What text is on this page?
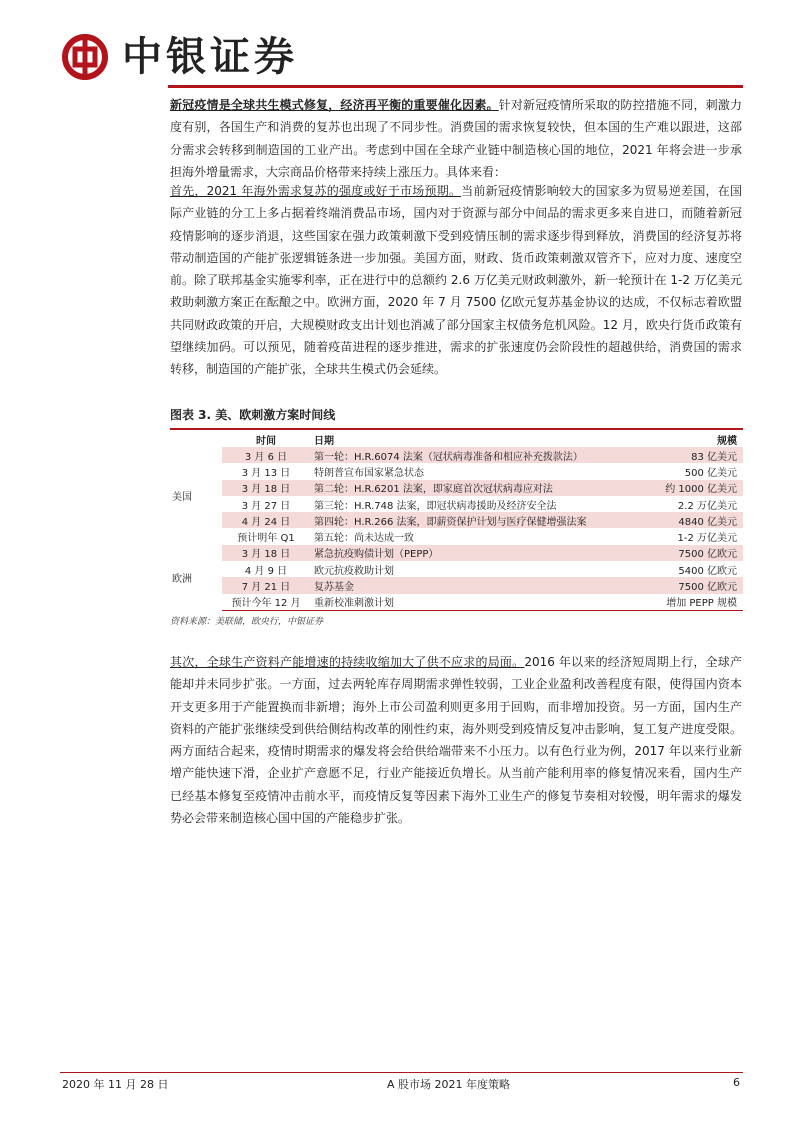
中银证券

新冠疫情是全球共生模式修复，经济再平衡的重要催化因素。针对新冠疫情所采取的防控措施不同，刺激力度有别，各国生产和消费的复苏也出现了不同步性。消费国的需求恢复较快，但本国的生产难以跟进，这部分需求会转移到制造国的工业产出。考虑到中国在全球产业链中制造核心国的地位，2021 年将会进一步承担海外增量需求，大宗商品价格带来持续上涨压力。具体来看：

首先，2021 年海外需求复苏的强度或好于市场预期。当前新冠疫情影响较大的国家多为贸易逆差国，在国际产业链的分工上多占据着终端消费品市场，国内对于资源与部分中间品的需求更多来自进口，而随着新冠疫情影响的逐步消退，这些国家在强力政策刺激下受到疫情压制的需求逐步得到释放，消费国的经济复苏将带动制造国的产能扩张逻辑链条进一步加强。美国方面，财政、货币政策刺激双管齐下，应对力度、速度空前。除了联邦基金实施零利率，正在进行中的总额约 2.6 万亿美元财政刺激外，新一轮预计在 1-2 万亿美元救助刺激方案正在酝酿之中。欧洲方面，2020 年 7 月 7500 亿欧元复苏基金协议的达成，不仅标志着欧盟共同财政政策的开启，大规模财政支出计划也消减了部分国家主权债务危机风险。12 月，欧央行货币政策有望继续加码。可以预见，随着疫苗进程的逐步推进，需求的扩张速度仍会阶段性的超越供给，消费国的需求转移，制造国的产能扩张，全球共生模式仍会延续。

图表 3. 美、欧刺激方案时间线
	时间	日期	规模
美国	3 月 6 日	第一轮：H.R.6074 法案（冠状病毒准备和相应补充拨款法）	83 亿美元
	3 月 13 日	特朗普宣布国家紧急状态	500 亿美元
	3 月 18 日	第二轮：H.R.6201 法案，即家庭首次冠状病毒应对法	约 1000 亿美元
	3 月 27 日	第三轮：H.R.748 法案，即冠状病毒援助及经济安全法	2.2 万亿美元
	4 月 24 日	第四轮：H.R.266 法案，即薪资保护计划与医疗保健增强法案	4840 亿美元
	预计明年 Q1	第五轮：尚未达成一致	1-2 万亿美元
欧洲	3 月 18 日	紧急抗疫购债计划（PEPP）	7500 亿欧元
	4 月 9 日	欧元抗疫救助计划	5400 亿欧元
	7 月 21 日	复苏基金	7500 亿欧元
	预计今年 12 月	重新校准刺激计划	增加 PEPP 规模
资料来源：美联储，欧央行，中银证券

其次，全球生产资料产能增速的持续收缩加大了供不应求的局面。2016 年以来的经济短周期上行，全球产能却并未同步扩张。一方面，过去两轮库存周期需求弹性较弱，工业企业盈利改善程度有限，使得国内资本开支更多用于产能置换而非新增；海外上市公司盈利则更多用于回购，而非增加投资。另一方面，国内生产资料的产能扩张继续受到供给侧结构改革的刚性约束，海外则受到疫情反复冲击影响，复工复产进度受限。两方面结合起来，疫情时期需求的爆发将会给供给端带来不小压力。以有色行业为例，2017 年以来行业新增产能快速下滑，企业扩产意愿不足，行业产能接近负增长。从当前产能利用率的修复情况来看，国内生产已经基本修复至疫情冲击前水平，而疫情反复等因素下海外工业生产的修复节奏相对较慢，明年需求的爆发势必会带来制造核心国中国的产能稳步扩张。

2020 年 11 月 28 日	A 股市场 2021 年度策略	6
